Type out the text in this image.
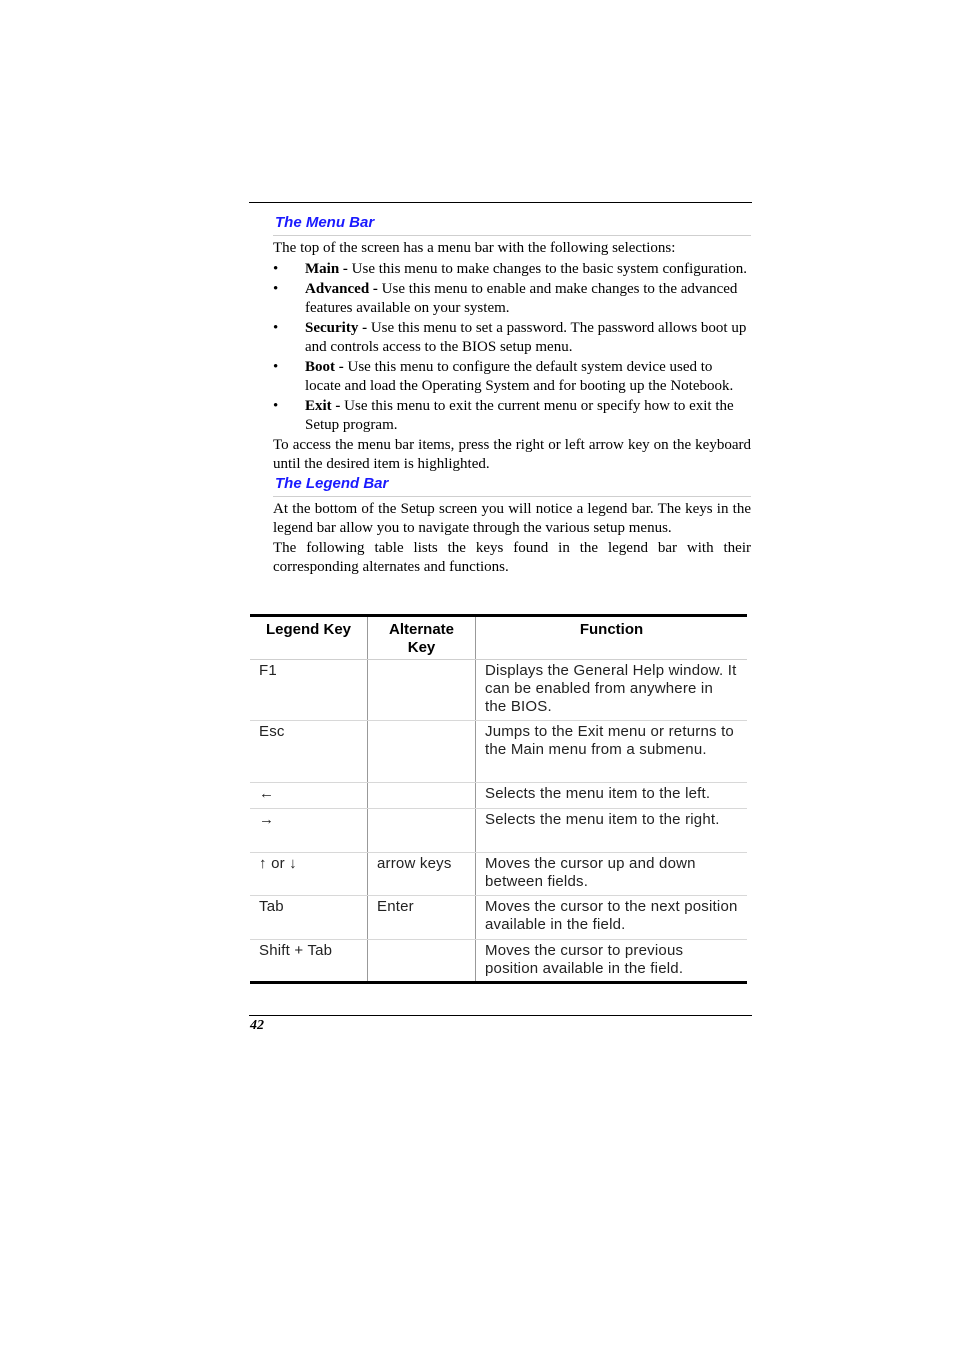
The Menu Bar

The top of the screen has a menu bar with the following selections:

•	Main - Use this menu to make changes to the basic system configuration.
•	Advanced - Use this menu to enable and make changes to the advanced features available on your system.
•	Security - Use this menu to set a password. The password allows boot up and controls access to the BIOS setup menu.
•	Boot - Use this menu to configure the default system device used to locate and load the Operating System and for booting up the Notebook.
•	Exit - Use this menu to exit the current menu or specify how to exit the Setup program.

To access the menu bar items, press the right or left arrow key on the keyboard until the desired item is highlighted.

The Legend Bar

At the bottom of the Setup screen you will notice a legend bar. The keys in the legend bar allow you to navigate through the various setup menus.

The following table lists the keys found in the legend bar with their corresponding alternates and functions.

Legend Key	Alternate Key	Function
F1		Displays the General Help window. It can be enabled from anywhere in the BIOS.
Esc		Jumps to the Exit menu or returns to the Main menu from a submenu.
←		Selects the menu item to the left.
→		Selects the menu item to the right.
↑ or ↓	arrow keys	Moves the cursor up and down between fields.
Tab	Enter	Moves the cursor to the next position available in the field.
Shift + Tab		Moves the cursor to previous position available in the field.
42
